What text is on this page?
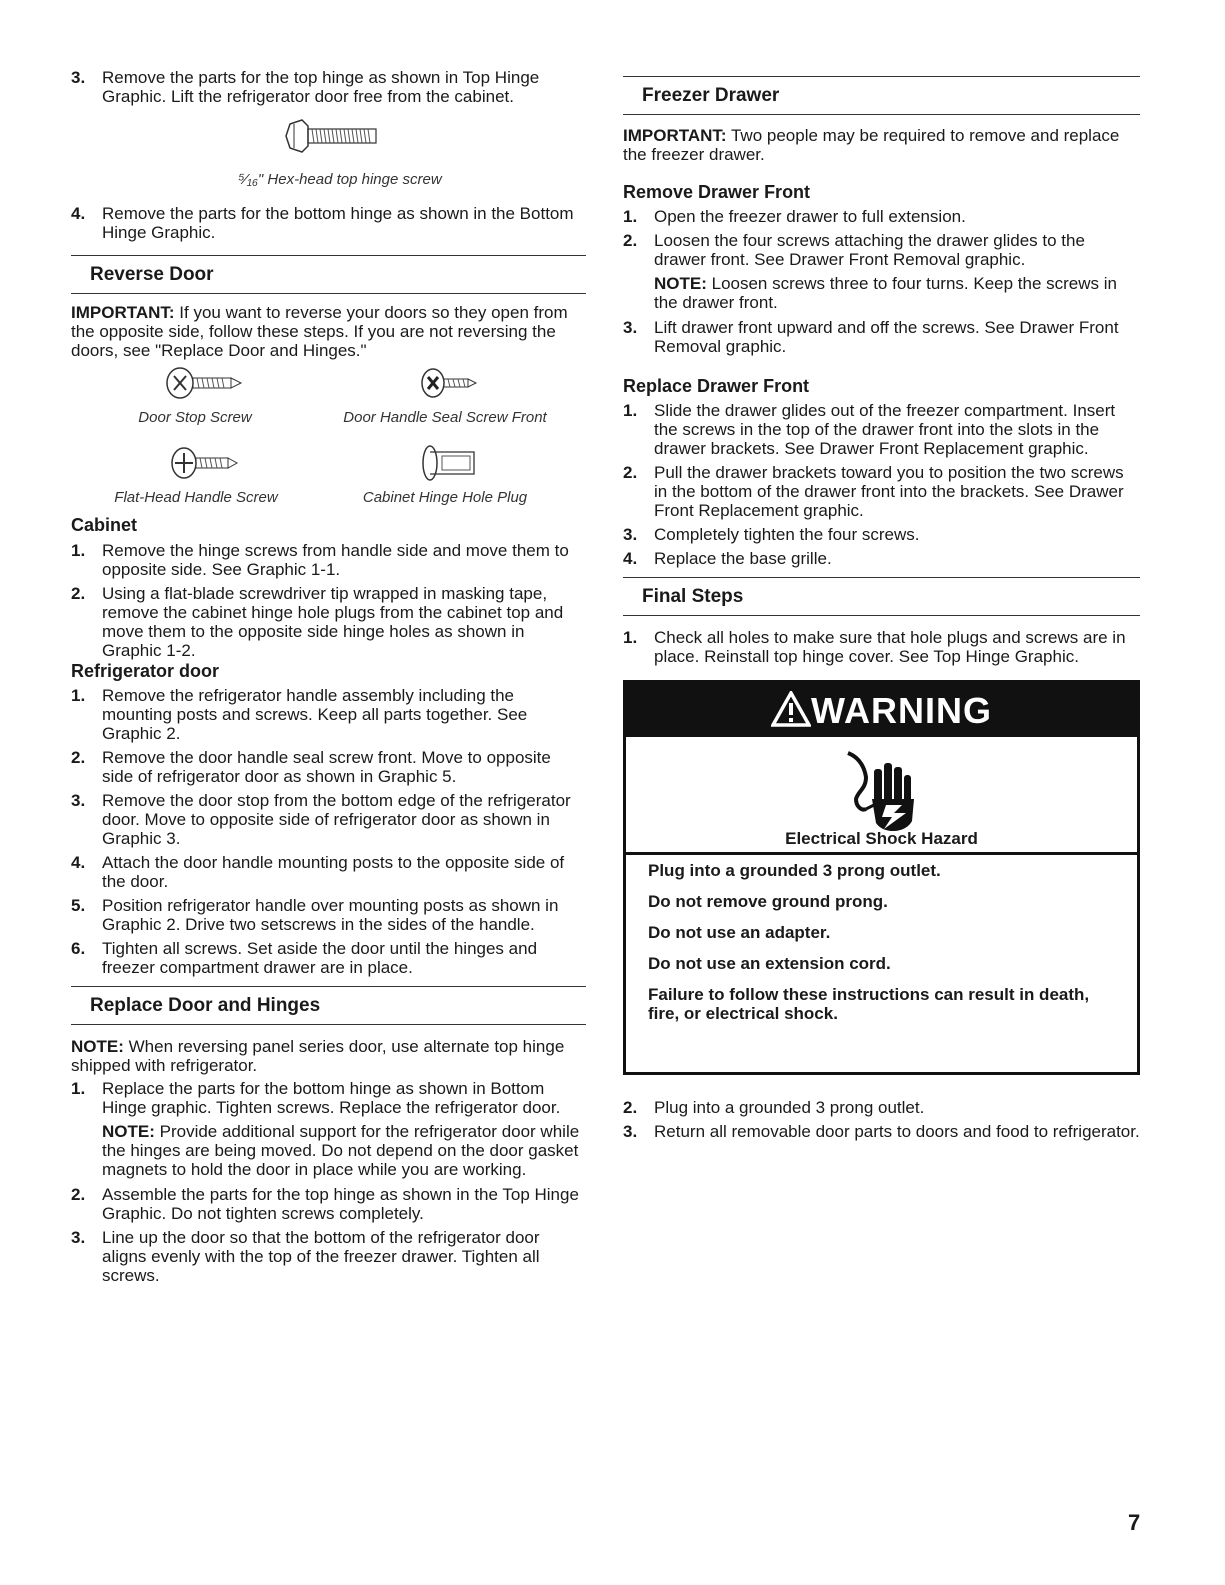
3. Remove the parts for the top hinge as shown in Top Hinge Graphic. Lift the refrigerator door free from the cabinet.
⁵⁄₁₆" Hex-head top hinge screw
4. Remove the parts for the bottom hinge as shown in the Bottom Hinge Graphic.
Reverse Door

IMPORTANT: If you want to reverse your doors so they open from the opposite side, follow these steps. If you are not reversing the doors, see "Replace Door and Hinges."

Door Stop Screw	Door Handle Seal Screw Front
Flat-Head Handle Screw	Cabinet Hinge Hole Plug
Cabinet
1. Remove the hinge screws from handle side and move them to opposite side. See Graphic 1-1.
2. Using a flat-blade screwdriver tip wrapped in masking tape, remove the cabinet hinge hole plugs from the cabinet top and move them to the opposite side hinge holes as shown in Graphic 1-2.
Refrigerator door
1. Remove the refrigerator handle assembly including the mounting posts and screws. Keep all parts together. See Graphic 2.
2. Remove the door handle seal screw front. Move to opposite side of refrigerator door as shown in Graphic 5.
3. Remove the door stop from the bottom edge of the refrigerator door. Move to opposite side of refrigerator door as shown in Graphic 3.
4. Attach the door handle mounting posts to the opposite side of the door.
5. Position refrigerator handle over mounting posts as shown in Graphic 2. Drive two setscrews in the sides of the handle.
6. Tighten all screws. Set aside the door until the hinges and freezer compartment drawer are in place.
Replace Door and Hinges

NOTE: When reversing panel series door, use alternate top hinge shipped with refrigerator.

1. Replace the parts for the bottom hinge as shown in Bottom Hinge graphic. Tighten screws. Replace the refrigerator door.

NOTE: Provide additional support for the refrigerator door while the hinges are being moved. Do not depend on the door gasket magnets to hold the door in place while you are working.

2. Assemble the parts for the top hinge as shown in the Top Hinge Graphic. Do not tighten screws completely.
3. Line up the door so that the bottom of the refrigerator door aligns evenly with the top of the freezer drawer. Tighten all screws.
Freezer Drawer

IMPORTANT: Two people may be required to remove and replace the freezer drawer.

Remove Drawer Front
1. Open the freezer drawer to full extension.
2. Loosen the four screws attaching the drawer glides to the drawer front. See Drawer Front Removal graphic.

NOTE: Loosen screws three to four turns. Keep the screws in the drawer front.

3. Lift drawer front upward and off the screws. See Drawer Front Removal graphic.
Replace Drawer Front
1. Slide the drawer glides out of the freezer compartment. Insert the screws in the top of the drawer front into the slots in the drawer brackets. See Drawer Front Replacement graphic.
2. Pull the drawer brackets toward you to position the two screws in the bottom of the drawer front into the brackets. See Drawer Front Replacement graphic.
3. Completely tighten the four screws.
4. Replace the base grille.
Final Steps
1. Check all holes to make sure that hole plugs and screws are in place. Reinstall top hinge cover. See Top Hinge Graphic.
WARNING
Electrical Shock Hazard

Plug into a grounded 3 prong outlet.

Do not remove ground prong.

Do not use an adapter.

Do not use an extension cord.

Failure to follow these instructions can result in death, fire, or electrical shock.

2. Plug into a grounded 3 prong outlet.
3. Return all removable door parts to doors and food to refrigerator.
7
